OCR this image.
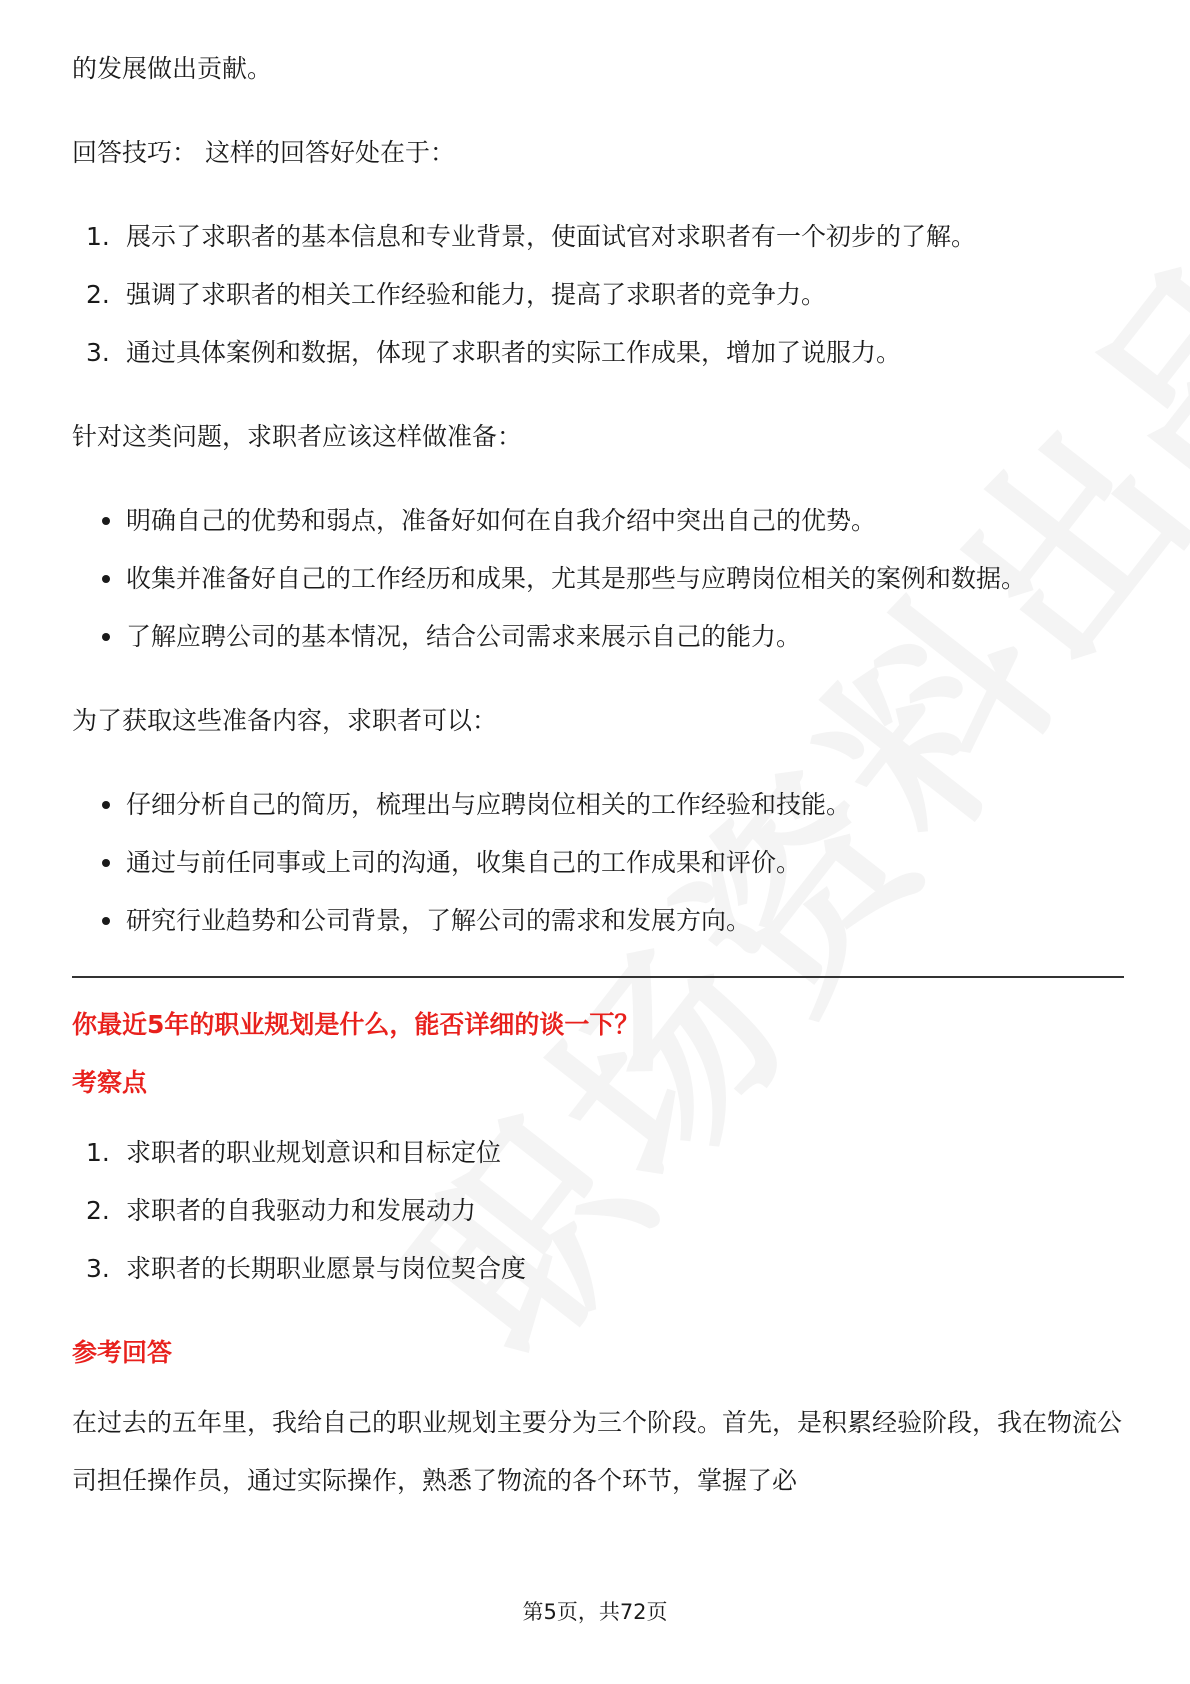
的发展做出贡献。

回答技巧： 这样的回答好处在于：

1. 展示了求职者的基本信息和专业背景，使面试官对求职者有一个初步的了解。
2. 强调了求职者的相关工作经验和能力，提高了求职者的竞争力。
3. 通过具体案例和数据，体现了求职者的实际工作成果，增加了说服力。

针对这类问题，求职者应该这样做准备：

明确自己的优势和弱点，准备好如何在自我介绍中突出自己的优势。
收集并准备好自己的工作经历和成果，尤其是那些与应聘岗位相关的案例和数据。
了解应聘公司的基本情况，结合公司需求来展示自己的能力。

为了获取这些准备内容，求职者可以：

仔细分析自己的简历，梳理出与应聘岗位相关的工作经验和技能。
通过与前任同事或上司的沟通，收集自己的工作成果和评价。
研究行业趋势和公司背景，了解公司的需求和发展方向。

你最近5年的职业规划是什么，能否详细的谈一下？

考察点

1. 求职者的职业规划意识和目标定位
2. 求职者的自我驱动力和发展动力
3. 求职者的长期职业愿景与岗位契合度

参考回答

在过去的五年里，我给自己的职业规划主要分为三个阶段。首先，是积累经验阶段，我在物流公司担任操作员，通过实际操作，熟悉了物流的各个环节，掌握了必

第5页，共72页
